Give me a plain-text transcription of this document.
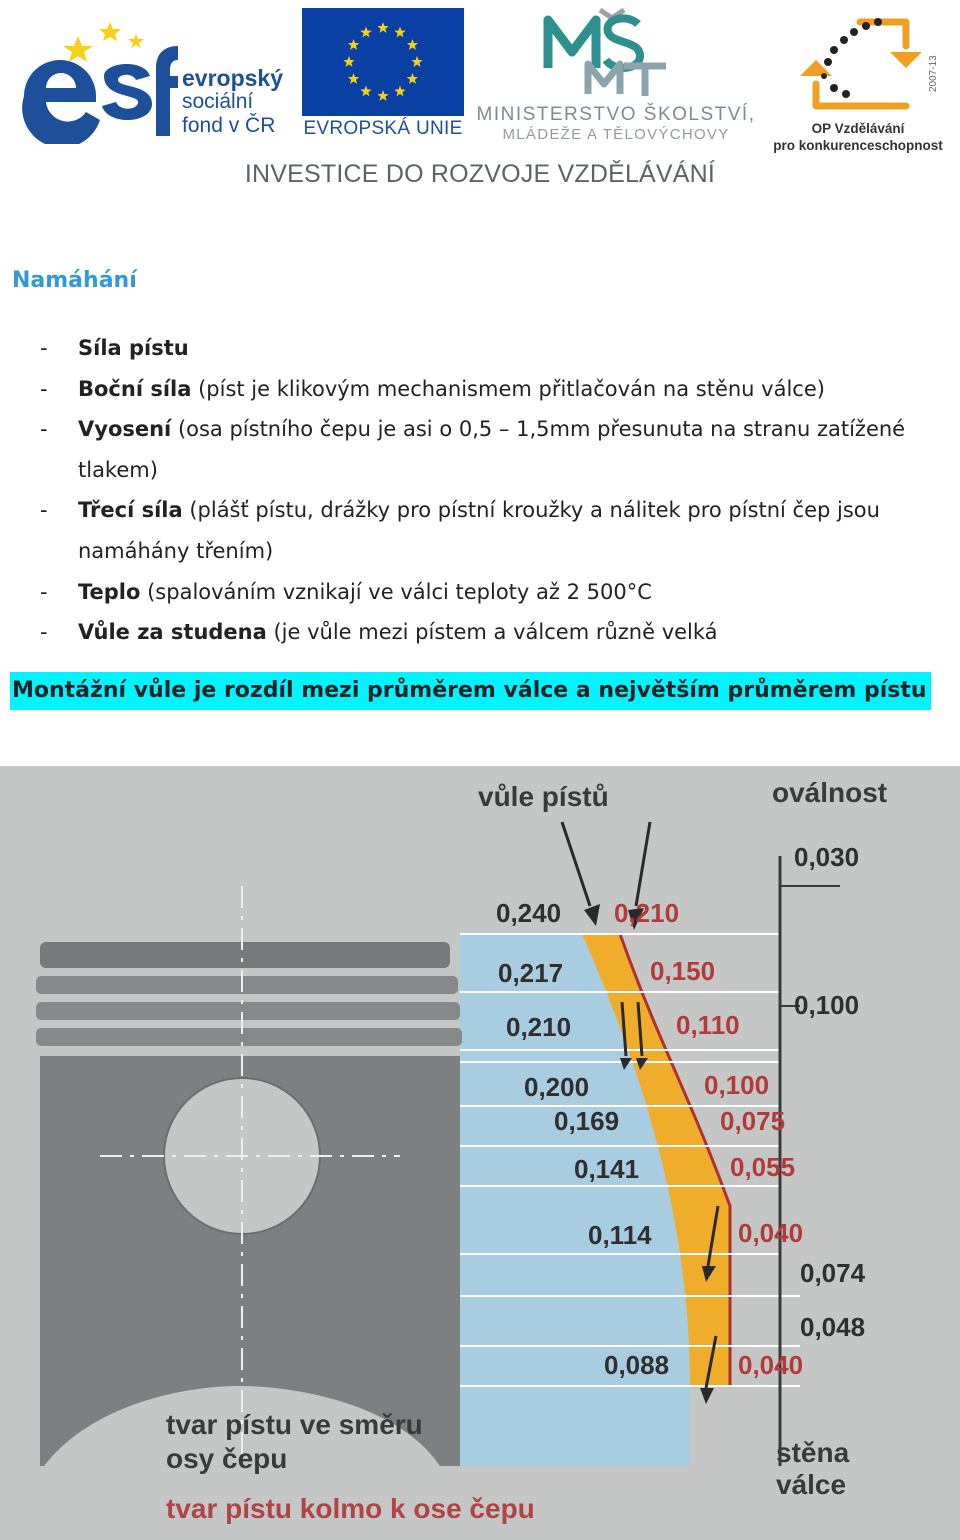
evropský
sociální
fond v ČR	EVROPSKÁ UNIE
MINISTERSTVO ŠKOLSTVÍ,
MLÁDEŽE A TĚLOVÝCHOVY
2007-13
OP Vzdělávání
pro konkurenceschopnost
INVESTICE DO ROZVOJE VZDĚLÁVÁNÍ
Namáhání
- Síla pístu
- Boční síla (píst je klikovým mechanismem přitlačován na stěnu válce)
- Vyosení (osa pístního čepu je asi o 0,5 – 1,5mm přesunuta na stranu zatížené tlakem)
- Třecí síla (plášť pístu, drážky pro pístní kroužky a nálitek pro pístní čep jsou namáhány třením)
- Teplo (spalováním vznikají ve válci teploty až 2 500°C
- Vůle za studena (je vůle mezi pístem a válcem různě velká
Montážní vůle je rozdíl mezi průměrem válce a největším průměrem pístu
vůle pístů	oválnost
0,240
0,217
0,210
0,200
0,169
0,141
0,114
0,088
0,210
0,150
0,110
0,100
0,075
0,055
0,040
0,040
0,030
0,100
0,074
0,048
tvar pístu ve směru
osy čepu	stěna
válce
tvar pístu kolmo k ose čepu
